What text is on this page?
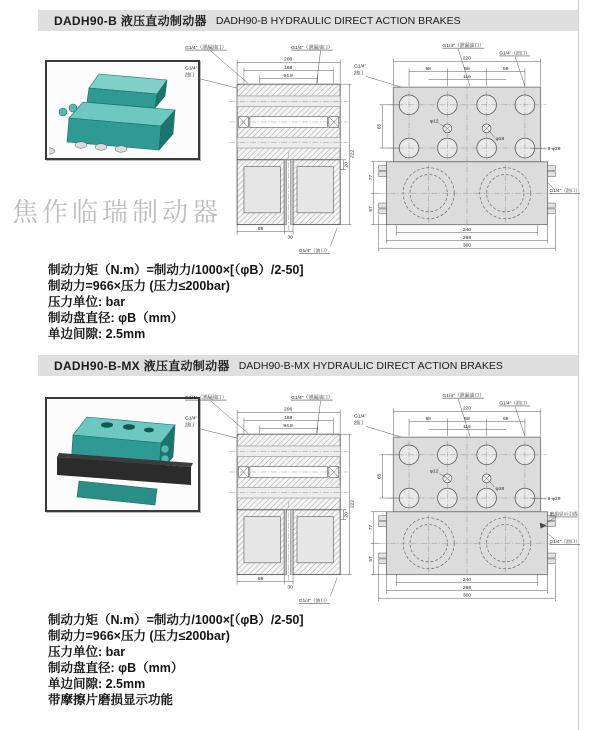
DADH90-B 液压直动制动器 DADH90-B HYDRAULIC DIRECT ACTION BRAKES
G1/4"（泄漏油口）	G1/4"（泄漏油口）
G1/4"
油口
206
168
94.8
88
30
20
222
G1/4"（油口）
G1/4"（泄漏油口）
G1/4"（油口）
G1/4"
油口
220
58	58	58
116
φ12
φ18
8-φ29
65
77
57
240
268
300
G1/4"（油口）
焦作临瑞制动器
制动力矩（N.m）=制动力/1000×[（φB）/2-50]
制动力=966×压力 (压力≤200bar)
压力单位: bar
制动盘直径: φB（mm）
单边间隙: 2.5mm
DADH90-B-MX 液压直动制动器 DADH90-B-MX HYDRAULIC DIRECT ACTION BRAKES
G1/4"（泄漏油口）	G1/4"（泄漏油口）
G1/4"
油口
206
168
94.8
88
30
20
222
G1/4"（油口）
G1/4"（泄漏油口）
G1/4"（油口）
G1/4"
油口
220
58	58	58
116
φ12
φ18
8-φ29
65
77
57
240
268
300
磨损显示引线
G1/4"（油口）
制动力矩（N.m）=制动力/1000×[（φB）/2-50]
制动力=966×压力 (压力≤200bar)
压力单位: bar
制动盘直径: φB（mm）
单边间隙: 2.5mm
带摩擦片磨损显示功能
